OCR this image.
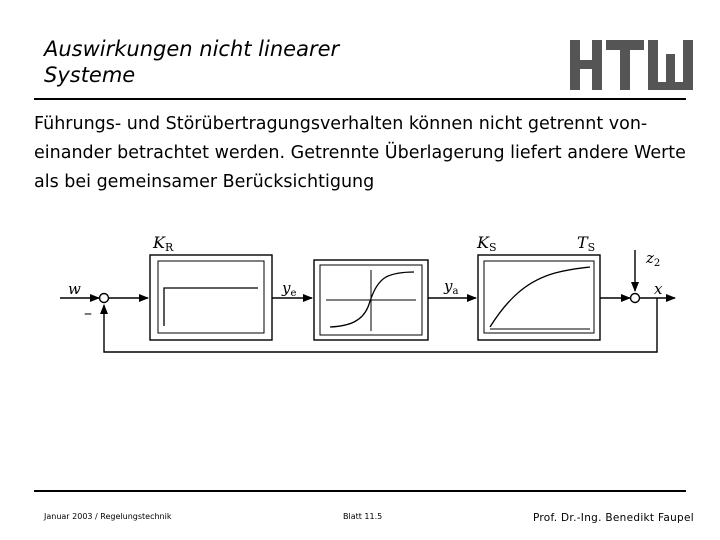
Auswirkungen nicht linearer
Systeme
Führungs- und Störübertragungsverhalten können nicht getrennt von-einander betrachtet werden. Getrennte Überlagerung liefert andere Werte als bei gemeinsamer Berücksichtigung
w
–
KR
$y_e$	$y_a$
KS	TS
$z_2$
x
Januar 2003 / Regelungstechnik	Blatt 11.5	Prof. Dr.-Ing. Benedikt Faupel
